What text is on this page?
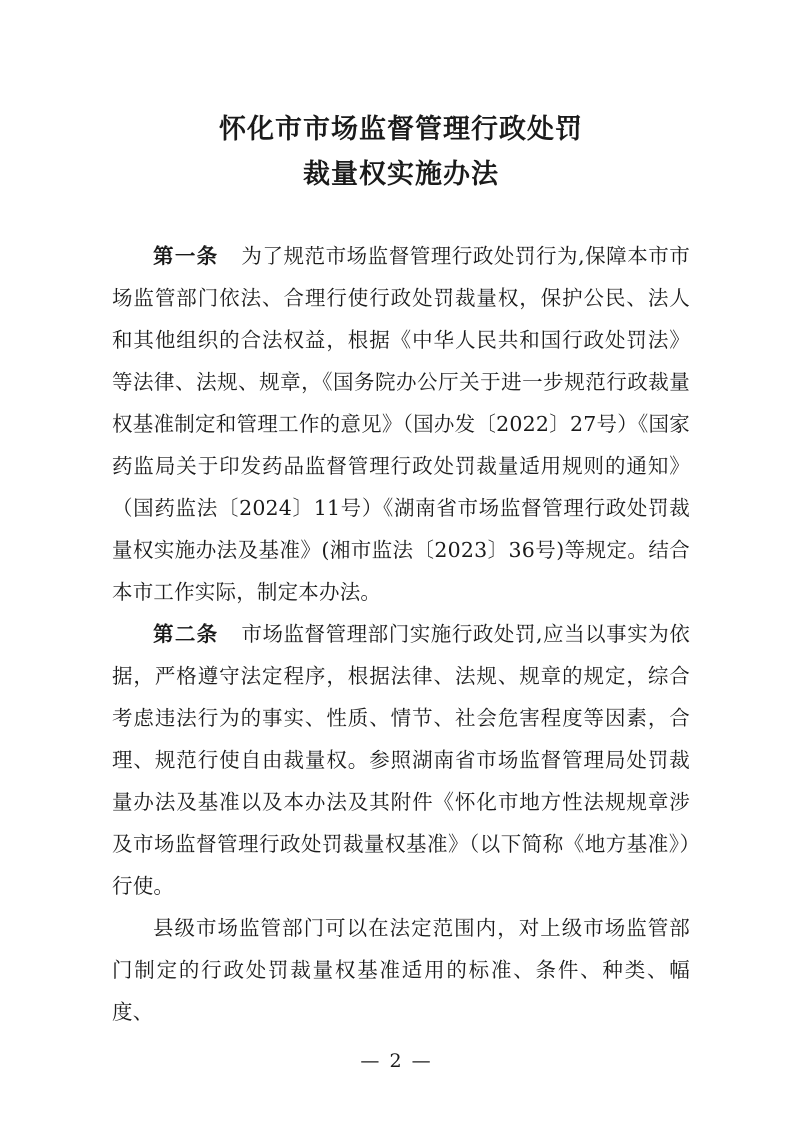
怀化市市场监督管理行政处罚
裁量权实施办法

第一条 为了规范市场监督管理行政处罚行为,保障本市市场监管部门依法、合理行使行政处罚裁量权，保护公民、法人和其他组织的合法权益，根据《中华人民共和国行政处罚法》等法律、法规、规章，《国务院办公厅关于进一步规范行政裁量权基准制定和管理工作的意见》（国办发〔2022〕27号）《国家药监局关于印发药品监督管理行政处罚裁量适用规则的通知》（国药监法〔2024〕11号）《湖南省市场监督管理行政处罚裁量权实施办法及基准》(湘市监法〔2023〕36号)等规定。结合本市工作实际，制定本办法。

第二条 市场监督管理部门实施行政处罚,应当以事实为依据，严格遵守法定程序，根据法律、法规、规章的规定，综合考虑违法行为的事实、性质、情节、社会危害程度等因素，合理、规范行使自由裁量权。参照湖南省市场监督管理局处罚裁量办法及基准以及本办法及其附件《怀化市地方性法规规章涉及市场监督管理行政处罚裁量权基准》（以下简称《地方基准》）行使。

县级市场监管部门可以在法定范围内，对上级市场监管部门制定的行政处罚裁量权基准适用的标准、条件、种类、幅度、

— 2 —
